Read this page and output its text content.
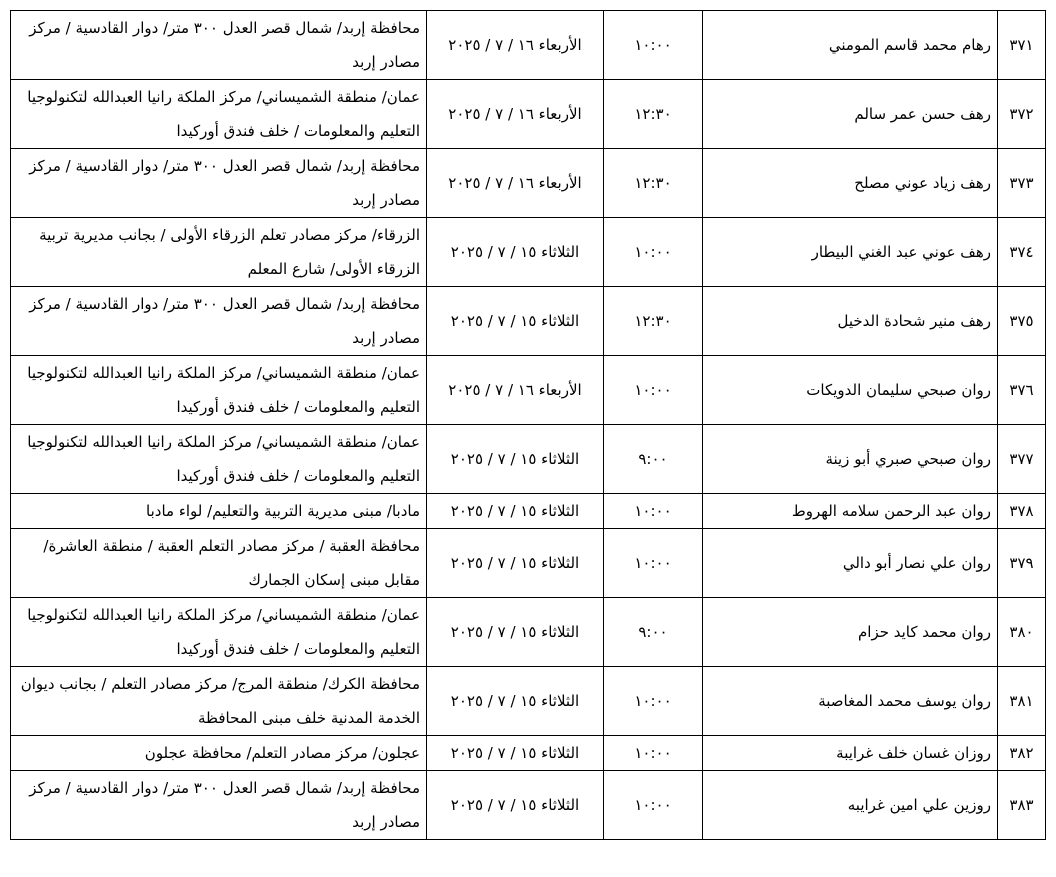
٣٧١	رهام محمد قاسم المومني	١٠:٠٠	الأربعاء ١٦ / ٧ / ٢٠٢٥	محافظة إربد/ شمال قصر العدل ٣٠٠ متر/ دوار القادسية / مركز مصادر إربد
٣٧٢	رهف حسن عمر سالم	١٢:٣٠	الأربعاء ١٦ / ٧ / ٢٠٢٥	عمان/ منطقة الشميساني/ مركز الملكة رانيا العبدالله لتكنولوجيا التعليم والمعلومات / خلف فندق أوركيدا
٣٧٣	رهف زياد عوني مصلح	١٢:٣٠	الأربعاء ١٦ / ٧ / ٢٠٢٥	محافظة إربد/ شمال قصر العدل ٣٠٠ متر/ دوار القادسية / مركز مصادر إربد
٣٧٤	رهف عوني عبد الغني البيطار	١٠:٠٠	الثلاثاء ١٥ / ٧ / ٢٠٢٥	الزرقاء/ مركز مصادر تعلم الزرقاء الأولى / بجانب مديرية تربية الزرقاء الأولى/ شارع المعلم
٣٧٥	رهف منير شحادة الدخيل	١٢:٣٠	الثلاثاء ١٥ / ٧ / ٢٠٢٥	محافظة إربد/ شمال قصر العدل ٣٠٠ متر/ دوار القادسية / مركز مصادر إربد
٣٧٦	روان صبحي سليمان الدويكات	١٠:٠٠	الأربعاء ١٦ / ٧ / ٢٠٢٥	عمان/ منطقة الشميساني/ مركز الملكة رانيا العبدالله لتكنولوجيا التعليم والمعلومات / خلف فندق أوركيدا
٣٧٧	روان صبحي صبري أبو زينة	٩:٠٠	الثلاثاء ١٥ / ٧ / ٢٠٢٥	عمان/ منطقة الشميساني/ مركز الملكة رانيا العبدالله لتكنولوجيا التعليم والمعلومات / خلف فندق أوركيدا
٣٧٨	روان عبد الرحمن سلامه الهروط	١٠:٠٠	الثلاثاء ١٥ / ٧ / ٢٠٢٥	مادبا/ مبنى مديرية التربية والتعليم/ لواء مادبا
٣٧٩	روان علي نصار أبو دالي	١٠:٠٠	الثلاثاء ١٥ / ٧ / ٢٠٢٥	محافظة العقبة / مركز مصادر التعلم العقبة / منطقة العاشرة/ مقابل مبنى إسكان الجمارك
٣٨٠	روان محمد كايد حزام	٩:٠٠	الثلاثاء ١٥ / ٧ / ٢٠٢٥	عمان/ منطقة الشميساني/ مركز الملكة رانيا العبدالله لتكنولوجيا التعليم والمعلومات / خلف فندق أوركيدا
٣٨١	روان يوسف محمد المغاصبة	١٠:٠٠	الثلاثاء ١٥ / ٧ / ٢٠٢٥	محافظة الكرك/ منطقة المرج/ مركز مصادر التعلم / بجانب ديوان الخدمة المدنية خلف مبنى المحافظة
٣٨٢	روزان غسان خلف غرايبة	١٠:٠٠	الثلاثاء ١٥ / ٧ / ٢٠٢٥	عجلون/ مركز مصادر التعلم/ محافظة عجلون
٣٨٣	روزين علي امين غرايبه	١٠:٠٠	الثلاثاء ١٥ / ٧ / ٢٠٢٥	محافظة إربد/ شمال قصر العدل ٣٠٠ متر/ دوار القادسية / مركز مصادر إربد
